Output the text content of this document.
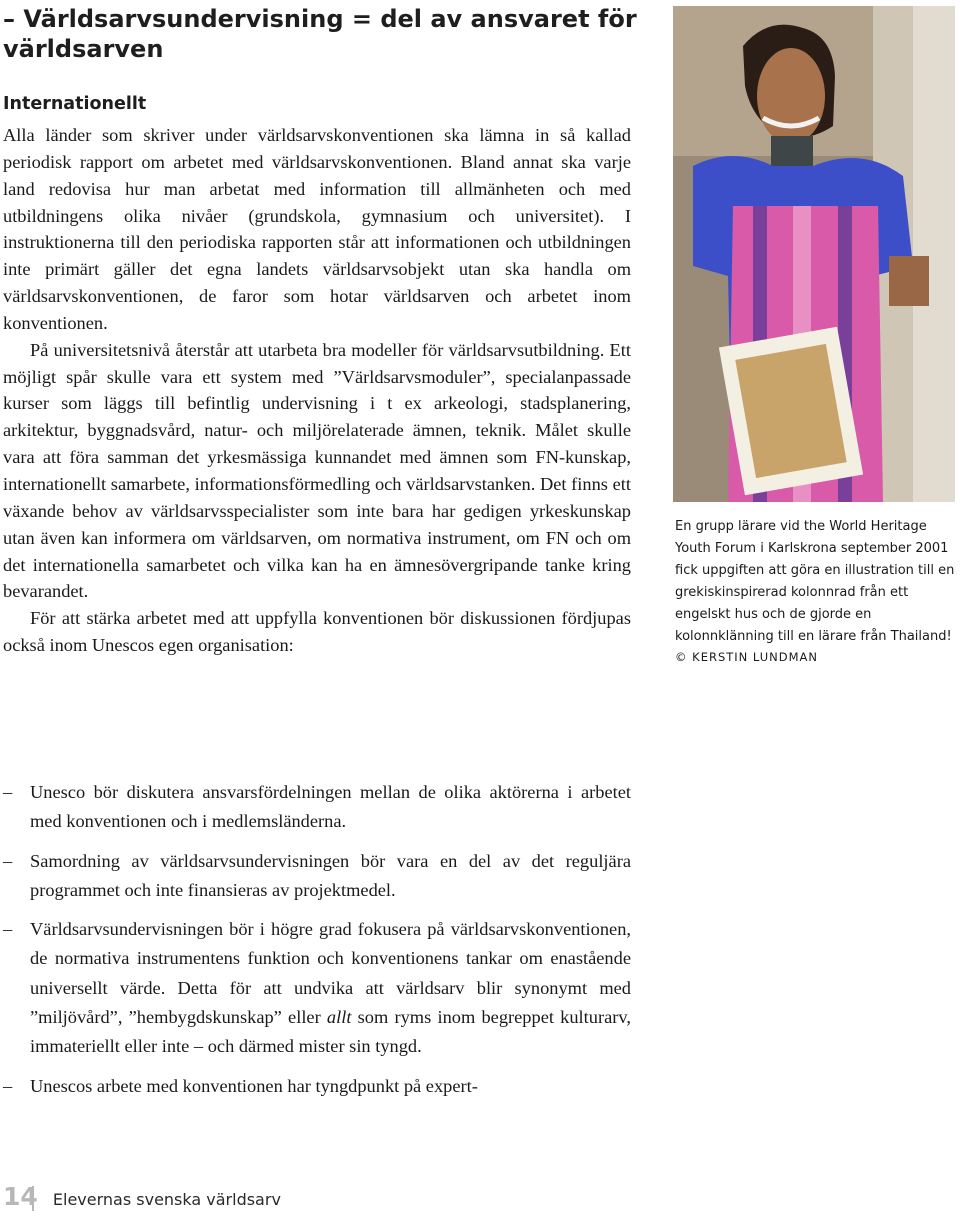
– Världsarvsundervisning = del av ansvaret för världsarven
Internationellt

Alla länder som skriver under världsarvskonventionen ska lämna in så kallad periodisk rapport om arbetet med världsarvskonventionen. Bland annat ska varje land redovisa hur man arbetat med information till allmänheten och med utbildningens olika nivåer (grundskola, gymnasium och universitet). I instruktionerna till den periodiska rapporten står att informationen och utbildningen inte primärt gäller det egna landets världsarvsobjekt utan ska handla om världsarvskonventionen, de faror som hotar världsarven och arbetet inom konventionen.

På universitetsnivå återstår att utarbeta bra modeller för världsarvsutbildning. Ett möjligt spår skulle vara ett system med ”Världsarvsmoduler”, specialanpassade kurser som läggs till befintlig undervisning i t ex arkeologi, stadsplanering, arkitektur, byggnadsvård, natur- och miljörelaterade ämnen, teknik. Målet skulle vara att föra samman det yrkesmässiga kunnandet med ämnen som FN-kunskap, internationellt samarbete, informationsförmedling och världsarvstanken. Det finns ett växande behov av världsarvsspecialister som inte bara har gedigen yrkeskunskap utan även kan informera om världsarven, om normativa instrument, om FN och om det internationella samarbetet och vilka kan ha en ämnesövergripande tanke kring bevarandet.

För att stärka arbetet med att uppfylla konventionen bör diskussionen fördjupas också inom Unescos egen organisation:

– Unesco bör diskutera ansvarsfördelningen mellan de olika aktörerna i arbetet med konventionen och i medlemsländerna.
– Samordning av världsarvsundervisningen bör vara en del av det reguljära programmet och inte finansieras av projektmedel.
– Världsarvsundervisningen bör i högre grad fokusera på världsarvskonventionen, de normativa instrumentens funktion och konventionens tankar om enastående universellt värde. Detta för att undvika att världsarv blir synonymt med ”miljövård”, ”hembygdskunskap” eller allt som ryms inom begreppet kulturarv, immateriellt eller inte – och därmed mister sin tyngd.
– Unescos arbete med konventionen har tyngdpunkt på expert-

En grupp lärare vid the World Heritage Youth Forum i Karlskrona september 2001 fick uppgiften att göra en illustration till en grekiskinspirerad kolonnrad från ett engelskt hus och de gjorde en kolonnklänning till en lärare från Thailand!

© KERSTIN LUNDMAN

14 Elevernas svenska världsarv
